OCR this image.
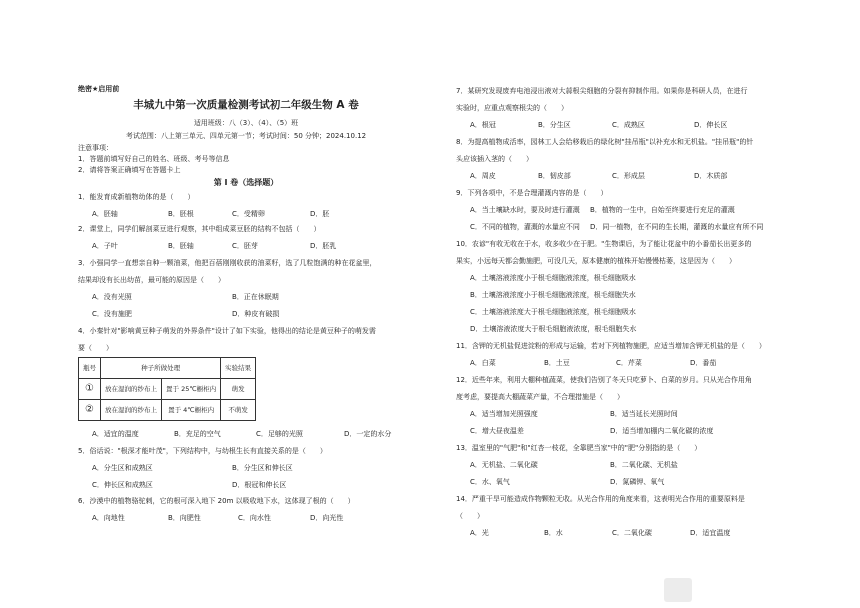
绝密★启用前
丰城九中第一次质量检测考试初二年级生物 A 卷
适用班级：八（3）、（4）、（5）班
考试范围：八上第三单元、四单元第一节；考试时间：50 分钟；2024.10.12
注意事项：
1．答题前填写好自己的姓名、班级、考号等信息
2．请将答案正确填写在答题卡上
第 I 卷（选择题）
1．能发育成新植物幼体的是（　　）
A．胚轴	B．胚根	C．受精卵	D．胚
2．课堂上，同学们解剖菜豆进行观察，其中组成菜豆胚的结构不包括（　　）
A．子叶	B．胚轴	C．胚芽	D．胚乳
3．小强同学一直想亲自种一颗油菜，他把百蓓刚刚收获的油菜籽，选了几粒饱满的种在花盆里，
结果却没有长出幼苗，最可能的原因是（　　）
A．没有光照	B．正在休眠期
C．没有施肥	D．种皮有破损
4．小秦针对"影响黄豆种子萌发的外界条件"设计了如下实验，他得出的结论是黄豆种子的萌发需
要（　　）
瓶号	种子所做处理		实验结果
①	放在湿润的纱布上	置于 25℃橱柜内	萌发
②	放在湿润的纱布上	置于 4℃橱柜内	不萌发
A．适宜的温度	B．充足的空气	C．足够的光照	D．一定的水分
5．俗话说："根深才能叶茂"，下列结构中，与幼根生长有直接关系的是（　　）
A．分生区和成熟区	B．分生区和伸长区
C．伸长区和成熟区	D．根冠和伸长区
6．沙漠中的植物骆驼刺，它的根可深入地下 20m 以吸收地下水，这体现了根的（　　）
A．向地性	B．向肥性	C．向水性	D．向光性
7．某研究发现废弃电池浸出液对大蒜根尖细胞的分裂有抑制作用。如果你是科研人员，在进行
实验时，应重点观察根尖的（　　）
A．根冠	B．分生区	C．成熟区	D．伸长区
8．为提高植物成活率，园林工人会给移栽后的绿化树"挂吊瓶"以补充水和无机盐。"挂吊瓶"的针
头应该插入茎的（　　）
A．周皮	B．韧皮部	C．形成层	D．木质部
9．下列各项中，不是合理灌溉内容的是（　　）
A．当土壤缺水时，要及时进行灌溉 B．植物的一生中，自始至终要进行充足的灌溉
C．不同的植物，灌溉的水量应不同 D．同一植物，在不同的生长期，灌溉的水量应有所不同
10．农谚"有收无收在于水，收多收少在于肥。"生物课后，为了能让花盆中的小番茄长出更多的
果实，小远每天都会勤施肥，可没几天，原本健康的植株开始慢慢枯萎，这是因为（　　）
A．土壤溶液浓度小于根毛细胞液浓度，根毛细胞吸水
B．土壤溶液浓度小于根毛细胞液浓度，根毛细胞失水
C．土壤溶液浓度大于根毛细胞液浓度，根毛细胞吸水
D．土壤溶液浓度大于根毛细胞液浓度，根毛细胞失水
11．含钾的无机盐促进淀粉的形成与运输，若对下列植物施肥，应适当增加含钾无机盐的是（　　）
A．白菜	B．土豆	C．芹菜	D．番茄
12．近些年来，利用大棚种植蔬菜，使我们告别了冬天只吃萝卜、白菜的岁月。只从光合作用角
度考虑，要提高大棚蔬菜产量，不合理措施是（　　）
A．适当增加光照强度	B．适当延长光照时间
C．增大昼夜温差	D．适当增加棚内二氧化碳的浓度
13．温室里的"气肥"和"红杏一枝花，全靠肥当家"中的"肥"分别指的是（　　）
A．无机盐、二氧化碳	B．二氧化碳、无机盐
C．水、氧气	D．氮磷钾、氧气
14．严重干旱可能造成作物颗粒无收。从光合作用的角度来看，这表明光合作用的重要原料是
（　　）
A．光	B．水	C．二氧化碳	D．适宜温度
